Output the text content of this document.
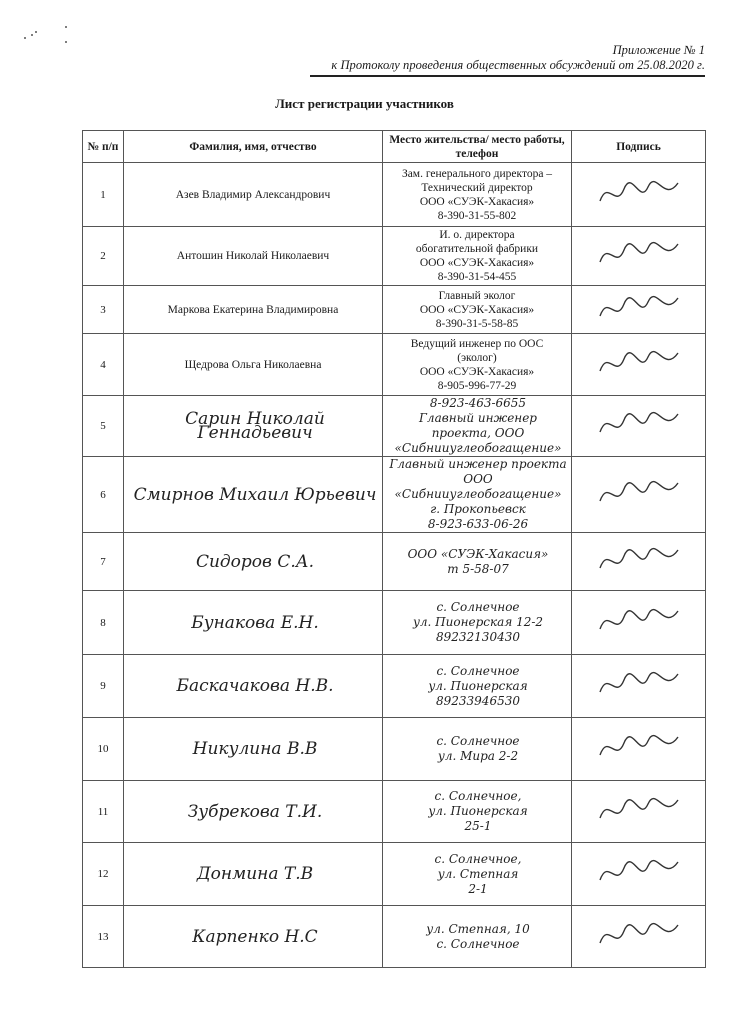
Приложение № 1
к Протоколу проведения общественных обсуждений от 25.08.2020 г.
Лист регистрации участников
№ п/п	Фамилия, имя, отчество	Место жительства/ место работы, телефон	Подпись
1	Азев Владимир Александрович	Зам. генерального директора –
Технический директор
ООО «СУЭК-Хакасия»
8-390-31-55-802

2	Антошин Николай Николаевич	И. о. директора
обогатительной фабрики
ООО «СУЭК-Хакасия»
8-390-31-54-455

3	Маркова Екатерина Владимировна	Главный эколог
ООО «СУЭК-Хакасия»
8-390-31-5-58-85

4	Щедрова Ольга Николаевна	Ведущий инженер по ООС
(эколог)
ООО «СУЭК-Хакасия»
8-905-996-77-29

5	Сарин Николай Геннадьевич	8-923-463-6655
Главный инженер
проекта, ООО «Сибнииуглеобогащение»

6	Смирнов Михаил Юрьевич	Главный инженер проекта
ООО «Сибнииуглеобогащение»
г. Прокопьевск
8-923-633-06-26

7	Сидоров С.А.	ООО «СУЭК-Хакасия»
т 5-58-07

8	Бунакова Е.Н.	с. Солнечное
ул. Пионерская 12-2
89232130430

9	Баскачакова Н.В.	с. Солнечное
ул. Пионерская
89233946530

10	Никулина В.В	с. Солнечное
ул. Мира 2-2

11	Зубрекова Т.И.	с. Солнечное,
ул. Пионерская
25-1

12	Донмина Т.В	с. Солнечное,
ул. Степная
2-1

13	Карпенко Н.С	ул. Степная, 10
с. Солнечное
